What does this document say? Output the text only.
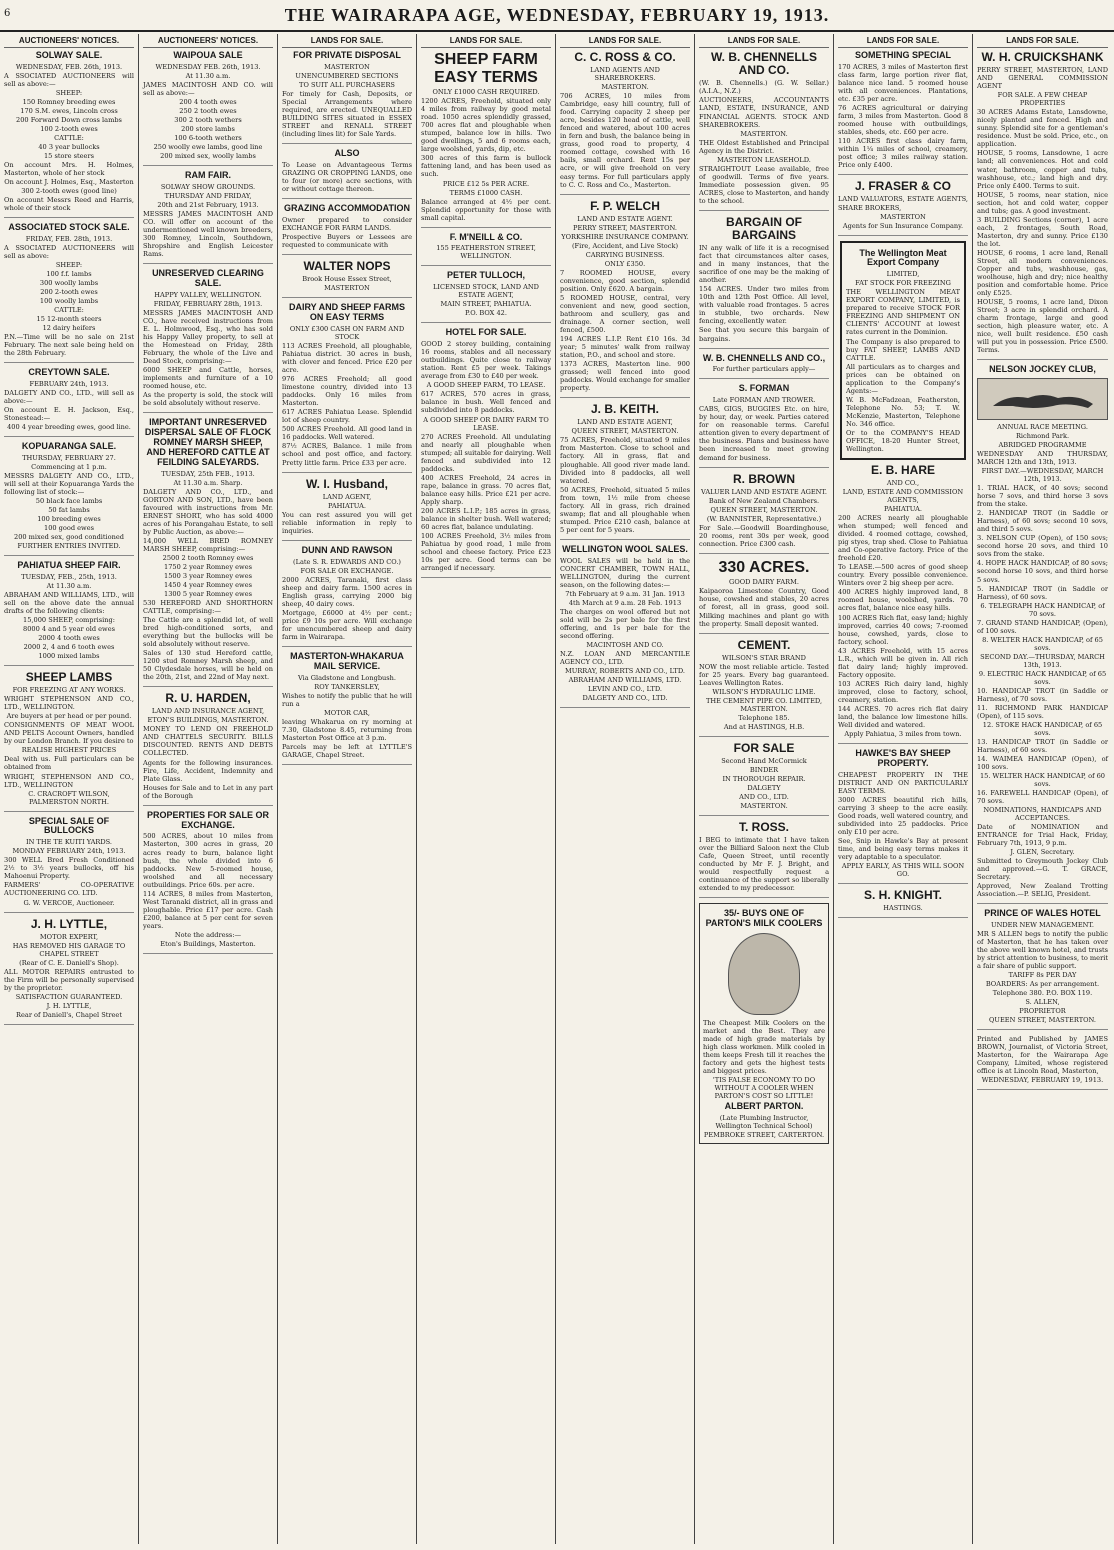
6	THE WAIRARAPA AGE, WEDNESDAY, FEBRUARY 19, 1913.
AUCTIONEERS' NOTICES.
SOLWAY SALE.
WEDNESDAY, FEB. 26th, 1913.
A SSOCIATED AUCTIONEERS will sell as above:—
SHEEP:
150 Romney breeding ewes
170 S.M. ewes, Lincoln cross
200 Forward Down cross lambs
100 2-tooth ewes
CATTLE:
40 3 year bullocks
15 store steers
On account Mrs. H. Holmes, Masterton, whole of her stock
On account J. Holmes, Esq., Masterton
300 2-tooth ewes (good line)
On account Messrs Reed and Harris, whole of their stock
ASSOCIATED STOCK SALE.
FRIDAY, FEB. 28th, 1913.
A SSOCIATED AUCTIONEERS will sell as above:
SHEEP:
100 f.f. lambs
300 woolly lambs
200 2-tooth ewes
100 woolly lambs
CATTLE:
15 12-month steers
12 dairy heifers
P.N.—Time will be no sale on 21st February. The next sale being held on the 28th February.
CREYTOWN SALE.
FEBRUARY 24th, 1913.
DALGETY AND CO., LTD., will sell as above:—
On account E. H. Jackson, Esq., Stonestead:—
400 4 year breeding ewes, good line.
KOPUARANGA SALE.
THURSDAY, FEBRUARY 27.
Commencing at 1 p.m.
MESSRS DALGETY AND CO., LTD., will sell at their Kopuaranga Yards the following list of stock:—
50 black face lambs
50 fat lambs
100 breeding ewes
100 good ewes
200 mixed sex, good conditioned
FURTHER ENTRIES INVITED.
PAHIATUA SHEEP FAIR.
TUESDAY, FEB., 25th, 1913.
At 11.30 a.m.
ABRAHAM AND WILLIAMS, LTD., will sell on the above date the annual drafts of the following clients:
15,000 SHEEP, comprising:
8000 4 and 5 year old ewes
2000 4 tooth ewes
2000 2, 4 and 6 tooth ewes
1000 mixed lambs
SHEEP LAMBS
FOR FREEZING AT ANY WORKS.
WRIGHT STEPHENSON AND CO., LTD., WELLINGTON.
Are buyers at per head or per pound.
CONSIGNMENTS OF MEAT WOOL AND PELTS Account Owners, handled by our London Branch. If you desire to
REALISE HIGHEST PRICES
Deal with us. Full particulars can be obtained from
WRIGHT, STEPHENSON AND CO., LTD., WELLINGTON
C. CRACROFT WILSON, PALMERSTON NORTH.
SPECIAL SALE OF BULLOCKS
IN THE TE KUITI YARDS.
MONDAY FEBRUARY 24th, 1913.
300 WELL Bred Fresh Conditioned 2½ to 3½ years bullocks, off his Mahoenui Property.
FARMERS' CO-OPERATIVE AUCTIONEERING CO. LTD.
G. W. VERCOE, Auctioneer.
J. H. LYTTLE,
MOTOR EXPERT,
HAS REMOVED HIS GARAGE TO CHAPEL STREET
(Rear of C. E. Daniell's Shop).
ALL MOTOR REPAIRS entrusted to the Firm will be personally supervised by the proprietor.
SATISFACTION GUARANTEED.
J. H. LYTTLE,
Rear of Daniell's, Chapel Street
AUCTIONEERS' NOTICES.
WAIPOUA SALE
WEDNESDAY FEB. 26th, 1913.
At 11.30 a.m.
JAMES MACINTOSH AND CO. will sell as above:—
200 4 tooth ewes
250 2 tooth ewes
300 2 tooth wethers
200 store lambs
100 6-tooth wethers
250 woolly ewe lambs, good line
200 mixed sex, woolly lambs
RAM FAIR.
SOLWAY SHOW GROUNDS.
THURSDAY AND FRIDAY,
20th and 21st February, 1913.
MESSRS JAMES MACINTOSH AND CO. will offer on account of the undermentioned well known breeders, 300 Romney, Lincoln, Southdown, Shropshire and English Leicester Rams.
UNRESERVED CLEARING SALE.
HAPPY VALLEY, WELLINGTON.
FRIDAY, FEBRUARY 28th, 1913.
MESSRS JAMES MACINTOSH AND CO., have received instructions from E. L. Holmwood, Esq., who has sold his Happy Valley property, to sell at the Homestead on Friday, 28th February, the whole of the Live and Dead Stock, comprising:—
6000 SHEEP and Cattle, horses, implements and furniture of a 10 roomed house, etc.
As the property is sold, the stock will be sold absolutely without reserve.
IMPORTANT UNRESERVED DISPERSAL SALE OF FLOCK ROMNEY MARSH SHEEP, AND HEREFORD CATTLE AT FEILDING SALEYARDS.
TUESDAY, 25th FEB., 1913.
At 11.30 a.m. Sharp.
DALGETY AND CO., LTD., and GORTON AND SON, LTD., have been favoured with instructions from Mr. ERNEST SHORT, who has sold 4000 acres of his Porangahau Estate, to sell by Public Auction, as above:—
14,000 WELL BRED ROMNEY MARSH SHEEP, comprising:—
2500 2 tooth Romney ewes
1750 2 year Romney ewes
1500 3 year Romney ewes
1450 4 year Romney ewes
1300 5 year Romney ewes
530 HEREFORD AND SHORTHORN CATTLE, comprising:—
The Cattle are a splendid lot, of well bred high-conditioned sorts, and everything but the bullocks will be sold absolutely without reserve.
Sales of 130 stud Hereford cattle, 1200 stud Romney Marsh sheep, and 50 Clydesdale horses, will be held on the 20th, 21st, and 22nd of May next.
R. U. HARDEN,
LAND AND INSURANCE AGENT,
ETON'S BUILDINGS, MASTERTON.
MONEY TO LEND ON FREEHOLD AND CHATTELS SECURITY. BILLS DISCOUNTED. RENTS AND DEBTS COLLECTED.
Agents for the following insurances. Fire, Life, Accident, Indemnity and Plate Glass.
Houses for Sale and to Let in any part of the Borough
PROPERTIES FOR SALE OR EXCHANGE.
500 ACRES, about 10 miles from Masterton, 300 acres in grass, 20 acres ready to burn, balance light bush, the whole divided into 6 paddocks. New 5-roomed house, woolshed and all necessary outbuildings. Price 60s. per acre.
114 ACRES, 8 miles from Masterton, West Taranaki district, all in grass and ploughable. Price £17 per acre. Cash £200, balance at 5 per cent for seven years.
Note the address:—
Eton's Buildings, Masterton.
LANDS FOR SALE.
FOR PRIVATE DISPOSAL
MASTERTON
UNENCUMBERED SECTIONS
TO SUIT ALL PURCHASERS
For timely for Cash, Deposits, or Special Arrangements where required, are erected. UNEQUALLED BUILDING SITES situated in ESSEX STREET and RENALL STREET (including lines lit) for Sale Yards.
ALSO
To Lease on Advantageous Terms GRAZING OR CROPPING LANDS, one to four (or more) acre sections, with or without cottage thereon.
GRAZING ACCOMMODATION
Owner prepared to consider EXCHANGE FOR FARM LANDS.
Prospective Buyers or Lessees are requested to communicate with
WALTER NOPS
Brook House Essex Street,
MASTERTON
DAIRY AND SHEEP FARMS ON EASY TERMS
ONLY £300 CASH ON FARM AND STOCK
113 ACRES Freehold, all ploughable, Pahiatua district. 30 acres in bush, with clover and fenced. Price £20 per acre.
976 ACRES Freehold; all good limestone country, divided into 13 paddocks. Only 16 miles from Masterton.
617 ACRES Pahiatua Lease. Splendid lot of sheep country.
500 ACRES Freehold. All good land in 16 paddocks. Well watered.
87½ ACRES, Balance. 1 mile from school and post office, and factory. Pretty little farm. Price £33 per acre.
W. I. Husband,
LAND AGENT,
PAHIATUA.
You can rest assured you will get reliable information in reply to inquiries.
DUNN AND RAWSON
(Late S. R. EDWARDS AND CO.)
FOR SALE OR EXCHANGE.
2000 ACRES, Taranaki, first class sheep and dairy farm. 1500 acres in English grass, carrying 2000 big sheep, 40 dairy cows.
Mortgage, £6000 at 4½ per cent.; price £9 10s per acre. Will exchange for unencumbered sheep and dairy farm in Wairarapa.
MASTERTON-WHAKARUA MAIL SERVICE.
Via Gladstone and Longbush.
ROY TANKERSLEY,
Wishes to notify the public that he will run a
MOTOR CAR,
leaving Whakarua on ry morning at 7.30, Gladstone 8.45, returning from Masterton Post Office at 3 p.m.
Parcels may be left at LYTTLE'S GARAGE, Chapel Street.
LANDS FOR SALE.
SHEEP FARM EASY TERMS
ONLY £1000 CASH REQUIRED.
1200 ACRES, Freehold, situated only 4 miles from railway by good metal road. 1050 acres splendidly grassed, 700 acres flat and ploughable when stumped, balance low in hills. Two good dwellings, 5 and 6 rooms each, large woolshed, yards, dip, etc.
300 acres of this farm is bullock fattening land, and has been used as such.
PRICE £12 5s PER ACRE.
TERMS £1000 CASH.
Balance arranged at 4½ per cent. Splendid opportunity for those with small capital.
F. M'NEILL & CO.
155 FEATHERSTON STREET, WELLINGTON.
PETER TULLOCH,
LICENSED STOCK, LAND AND ESTATE AGENT,
MAIN STREET, PAHIATUA.
P.O. BOX 42.
HOTEL FOR SALE.
GOOD 2 storey building, containing 16 rooms, stables and all necessary outbuildings. Quite close to railway station. Rent £5 per week. Takings average from £30 to £40 per week.
A GOOD SHEEP FARM, TO LEASE.
617 ACRES, 570 acres in grass, balance in bush. Well fenced and subdivided into 8 paddocks.
A GOOD SHEEP OR DAIRY FARM TO LEASE.
270 ACRES Freehold. All undulating and nearly all ploughable when stumped; all suitable for dairying. Well fenced and subdivided into 12 paddocks.
400 ACRES Freehold, 24 acres in rape, balance in grass. 70 acres flat, balance easy hills. Price £21 per acre. Apply sharp.
200 ACRES L.I.P.; 185 acres in grass, balance in shelter bush. Well watered; 60 acres flat, balance undulating.
100 ACRES Freehold, 3½ miles from Pahiatua by good road, 1 mile from school and cheese factory. Price £23 10s per acre. Good terms can be arranged if necessary.
LANDS FOR SALE.
C. C. ROSS & CO.
LAND AGENTS AND SHAREBROKERS.
MASTERTON.
706 ACRES, 10 miles from Cambridge, easy hill country, full of food. Carrying capacity 2 sheep per acre, besides 120 head of cattle, well fenced and watered, about 100 acres in fern and bush, the balance being in grass, good road to property, 4 roomed cottage, cowshed with 16 bails, small orchard. Rent 15s per acre, or will give freehold on very easy terms. For full particulars apply to C. C. Ross and Co., Masterton.
F. P. WELCH
LAND AND ESTATE AGENT.
PERRY STREET, MASTERTON.
YORKSHIRE INSURANCE COMPANY.
(Fire, Accident, and Live Stock)
CARRYING BUSINESS.
ONLY £350.
7 ROOMED HOUSE, every convenience, good section, splendid position. Only £620. A bargain.
5 ROOMED HOUSE, central, very convenient and new, good section, bathroom and scullery, gas and drainage. A corner section, well fenced, £500.
194 ACRES L.I.P. Rent £10 16s. 3d year; 5 minutes' walk from railway station, P.O., and school and store.
1373 ACRES, Masterton line. 900 grassed; well fenced into good paddocks. Would exchange for smaller property.
J. B. KEITH.
LAND AND ESTATE AGENT,
QUEEN STREET, MASTERTON.
75 ACRES, Freehold, situated 9 miles from Masterton. Close to school and factory. All in grass, flat and ploughable. All good river made land. Divided into 8 paddocks, all well watered.
50 ACRES, Freehold, situated 5 miles from town, 1½ mile from cheese factory. All in grass, rich drained swamp; flat and all ploughable when stumped. Price £210 cash, balance at 5 per cent for 5 years.
WELLINGTON WOOL SALES.
WOOL SALES will be held in the CONCERT CHAMBER, TOWN HALL, WELLINGTON, during the current season, on the following dates:—
7th February at 9 a.m. 31 Jan. 1913
4th March at 9 a.m. 28 Feb. 1913
The charges on wool offered but not sold will be 2s per bale for the first offering, and 1s per bale for the second offering.
MACINTOSH AND CO.
N.Z. LOAN AND MERCANTILE AGENCY CO., LTD.
MURRAY, ROBERTS AND CO., LTD.
ABRAHAM AND WILLIAMS, LTD.
LEVIN AND CO., LTD.
DALGETY AND CO., LTD.
LANDS FOR SALE.
W. B. CHENNELLS AND CO.
(W. B. Chennells.) (G. W. Sellar.) (A.I.A., N.Z.)
AUCTIONEERS, ACCOUNTANTS LAND, ESTATE, INSURANCE, AND FINANCIAL AGENTS. STOCK AND SHAREBROKERS.
MASTERTON.
THE Oldest Established and Principal Agency in the District.
MASTERTON LEASEHOLD.
STRAIGHTOUT Lease available, free of goodwill. Terms of five years. Immediate possession given. 95 ACRES, close to Masterton, and handy to the school.
BARGAIN OF BARGAINS
IN any walk of life it is a recognised fact that circumstances alter cases, and in many instances, that the sacrifice of one may be the making of another.
154 ACRES. Under two miles from 10th and 12th Post Office. All level, with valuable road frontages. 5 acres in stubble, two orchards. New fencing, excellently water.
See that you secure this bargain of bargains.
W. B. CHENNELLS AND CO.,
For further particulars apply—
S. FORMAN
Late FORMAN AND TROWER.
CABS, GIGS, BUGGIES Etc. on hire, by hour, day, or week. Parties catered for on reasonable terms. Careful attention given to every department of the business. Plans and business have been increased to meet growing demand for business.
R. BROWN
VALUER LAND AND ESTATE AGENT.
Bank of New Zealand Chambers.
QUEEN STREET, MASTERTON.
(W. BANNISTER, Representative.)
For Sale.—Goodwill Boardinghouse, 20 rooms, rent 30s per week, good connection. Price £300 cash.
330 ACRES.
GOOD DAIRY FARM.
Kaipaoroa Limestone Country, Good house, cowshed and stables, 20 acres of forest, all in grass, good soil. Milking machines and plant go with the property. Small deposit wanted.
CEMENT.
WILSON'S STAR BRAND
NOW the most reliable article. Tested for 25 years. Every bag guaranteed. Leaves Wellington Rates.
WILSON'S HYDRAULIC LIME.
THE CEMENT PIPE CO. LIMITED, MASTERTON.
Telephone 185.
And at HASTINGS, H.B.
FOR SALE
Second Hand McCormick
BINDER
IN THOROUGH REPAIR.
DALGETY
AND CO., LTD.
MASTERTON.
T. ROSS.
I BEG to intimate that I have taken over the Billiard Saloon next the Club Cafe, Queen Street, until recently conducted by Mr F. J. Bright, and would respectfully request a continuance of the support so liberally extended to my predecessor.
35/- BUYS ONE OF PARTON'S MILK COOLERS
The Cheapest Milk Coolers on the market and the Best. They are made of high grade materials by high class workmen. Milk cooled in them keeps Fresh till it reaches the factory and gets the highest tests and biggest prices.
'TIS FALSE ECONOMY TO DO WITHOUT A COOLER WHEN PARTON'S COST SO LITTLE!
ALBERT PARTON.
(Late Plumbing Instructor, Wellington Technical School)
PEMBROKE STREET, CARTERTON.
LANDS FOR SALE.
SOMETHING SPECIAL
170 ACRES, 3 miles of Masterton first class farm, large portion river flat, balance nice land. 5 roomed house with all conveniences. Plantations, etc. £35 per acre.
76 ACRES agricultural or dairying farm, 3 miles from Masterton. Good 8 roomed house with outbuildings, stables, sheds, etc. £60 per acre.
110 ACRES first class dairy farm, within 1¼ miles of school, creamery, post office; 3 miles railway station. Price only £400.
J. FRASER & CO
LAND VALUATORS, ESTATE AGENTS, SHARE BROKERS,
MASTERTON
Agents for Sun Insurance Company.
The Wellington Meat Export Company
LIMITED,
FAT STOCK FOR FREEZING
THE WELLINGTON MEAT EXPORT COMPANY, LIMITED, is prepared to receive STOCK FOR FREEZING AND SHIPMENT ON CLIENTS' ACCOUNT at lowest rates current in the Dominion.
The Company is also prepared to buy FAT SHEEP, LAMBS AND CATTLE.
All particulars as to charges and prices can be obtained on application to the Company's Agents:—
W. B. McFadzean, Featherston, Telephone No. 53; T. W. McKenzie, Masterton, Telephone No. 346 office.
Or to the COMPANY'S HEAD OFFICE, 18-20 Hunter Street, Wellington.
E. B. HARE
AND CO.,
LAND, ESTATE AND COMMISSION AGENTS,
PAHIATUA.
200 ACRES nearly all ploughable when stumped; well fenced and divided. 4 roomed cottage, cowshed, pig styes, trap shed. Close to Pahiatua and Co-operative factory. Price of the freehold £20.
To LEASE.—500 acres of good sheep country. Every possible convenience. Winters over 2 big sheep per acre.
400 ACRES highly improved land, 8 roomed house, woolshed, yards. 70 acres flat, balance nice easy hills.
100 ACRES Rich flat, easy land; highly improved, carries 40 cows; 7-roomed house, cowshed, yards, close to factory, school.
43 ACRES Freehold, with 15 acres L.R., which will be given in. All rich flat dairy land; highly improved. Factory opposite.
103 ACRES Rich dairy land, highly improved, close to factory, school, creamery, station.
144 ACRES. 70 acres rich flat dairy land, the balance low limestone hills. Well divided and watered.
Apply Pahiatua, 3 miles from town.
HAWKE'S BAY SHEEP PROPERTY.
CHEAPEST PROPERTY IN THE DISTRICT AND ON PARTICULARLY EASY TERMS.
3000 ACRES beautiful rich hills, carrying 3 sheep to the acre easily. Good roads, well watered country, and subdivided into 25 paddocks. Price only £10 per acre.
See, Snip in Hawke's Bay at present time, and being easy terms makes it very adaptable to a speculator.
APPLY EARLY, AS THIS WILL SOON GO.
S. H. KNIGHT.
HASTINGS.
LANDS FOR SALE.
W. H. CRUICKSHANK
PERRY STREET, MASTERTON, LAND AND GENERAL COMMISSION AGENT
FOR SALE. A FEW CHEAP PROPERTIES
30 ACRES Adams Estate, Lansdowne, nicely planted and fenced. High and sunny. Splendid site for a gentleman's residence. Must be sold. Price, etc., on application.
HOUSE, 5 rooms, Lansdowne, 1 acre land; all conveniences. Hot and cold water, bathroom, copper and tubs, washhouse, etc.; land high and dry. Price only £400. Terms to suit.
HOUSE, 5 rooms, near station, nice section, hot and cold water, copper and tubs; gas. A good investment.
3 BUILDING Sections (corner), 1 acre each, 2 frontages, South Road, Masterton, dry and sunny. Price £130 the lot.
HOUSE, 6 rooms, 1 acre land, Renall Street, all modern conveniences. Copper and tubs, washhouse, gas, woolhouse, high and dry; nice healthy position and comfortable home. Price only £525.
HOUSE, 5 rooms, 1 acre land, Dixon Street; 3 acre in splendid orchard. A charm frontage, large and good section, high pleasure water, etc. A nice, well built residence. £50 cash will put you in possession. Price £500. Terms.
NELSON JOCKEY CLUB,
ANNUAL RACE MEETING.
Richmond Park.
ABRIDGED PROGRAMME
WEDNESDAY AND THURSDAY, MARCH 12th and 13th, 1913.
FIRST DAY.—WEDNESDAY, MARCH 12th, 1913.
1. TRIAL HACK, of 40 sovs; second horse 7 sovs, and third horse 3 sovs from the stake.
2. HANDICAP TROT (in Saddle or Harness), of 60 sovs; second 10 sovs, and third 5 sovs.
3. NELSON CUP (Open), of 150 sovs; second horse 20 sovs, and third 10 sovs from the stake.
4. HOPE HACK HANDICAP, of 80 sovs; second horse 10 sovs, and third horse 5 sovs.
5. HANDICAP TROT (in Saddle or Harness), of 60 sovs.
6. TELEGRAPH HACK HANDICAP, of 70 sovs.
7. GRAND STAND HANDICAP, (Open), of 100 sovs.
8. WELTER HACK HANDICAP, of 65 sovs.
SECOND DAY.—THURSDAY, MARCH 13th, 1913.
9. ELECTRIC HACK HANDICAP, of 65 sovs.
10. HANDICAP TROT (in Saddle or Harness), of 70 sovs.
11. RICHMOND PARK HANDICAP (Open), of 115 sovs.
12. STOKE HACK HANDICAP, of 65 sovs.
13. HANDICAP TROT (in Saddle or Harness), of 60 sovs.
14. WAIMEA HANDICAP (Open), of 100 sovs.
15. WELTER HACK HANDICAP, of 60 sovs.
16. FAREWELL HANDICAP (Open), of 70 sovs.
NOMINATIONS, HANDICAPS AND ACCEPTANCES.
Date of NOMINATION and ENTRANCE for Trial Hack, Friday, February 7th, 1913, 9 p.m.
J. GLEN, Secretary.
Submitted to Greymouth Jockey Club and approved.—G. T. GRACE, Secretary.
Approved, New Zealand Trotting Association.—P. SELIG, President.
PRINCE OF WALES HOTEL
UNDER NEW MANAGEMENT.
MR S ALLEN begs to notify the public of Masterton, that he has taken over the above well known hotel, and trusts by strict attention to business, to merit a fair share of public support.
TARIFF 8s PER DAY
BOARDERS: As per arrangement.
Telephone 380. P.O. BOX 119.
S. ALLEN,
PROPRIETOR
QUEEN STREET, MASTERTON.
Printed and Published by JAMES BROWN, Journalist, of Victoria Street, Masterton, for the Wairarapa Age Company, Limited, whose registered office is at Lincoln Road, Masterton,
WEDNESDAY, FEBRUARY 19, 1913.
